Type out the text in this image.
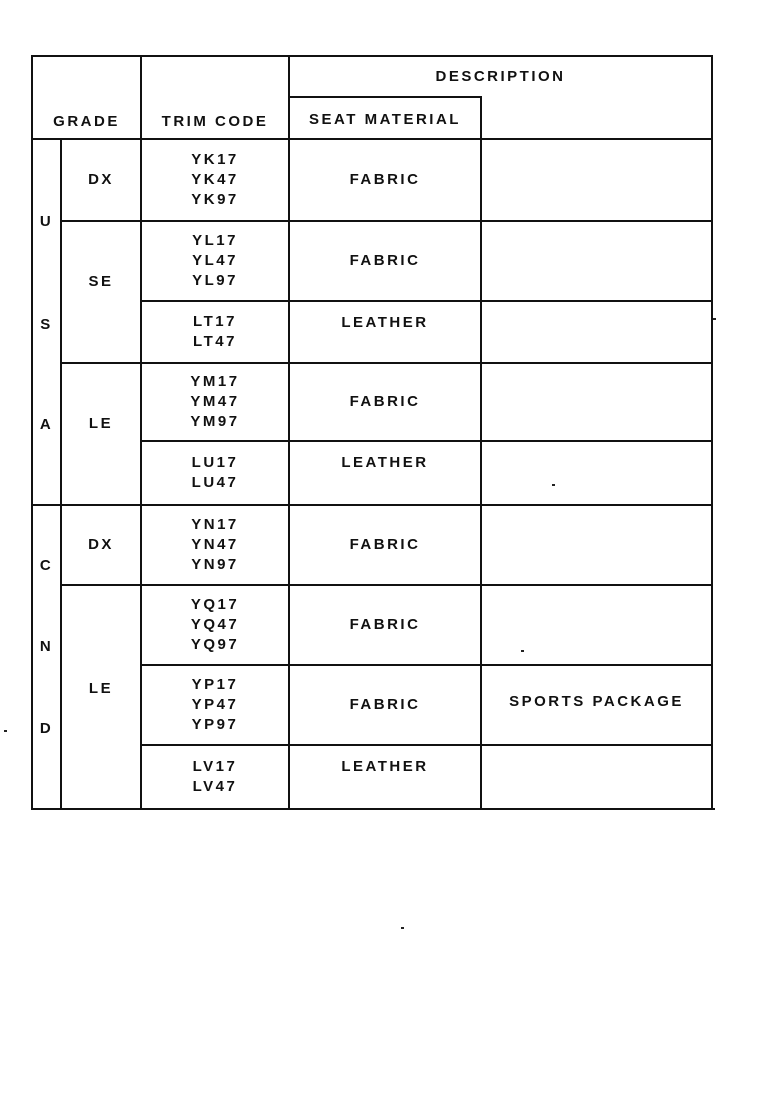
GRADE	TRIM CODE
DESCRIPTION
SEAT MATERIAL
U
S
A
C
N
D
DX
SE
LE
DX
LE
YK17
YK47
YK97
FABRIC
YL17
YL47
YL97
FABRIC
LT17
LT47
LEATHER
YM17
YM47
YM97
FABRIC
LU17
LU47
LEATHER
YN17
YN47
YN97
FABRIC
YQ17
YQ47
YQ97
FABRIC
YP17
YP47
YP97
FABRIC	SPORTS PACKAGE
LV17
LV47
LEATHER
